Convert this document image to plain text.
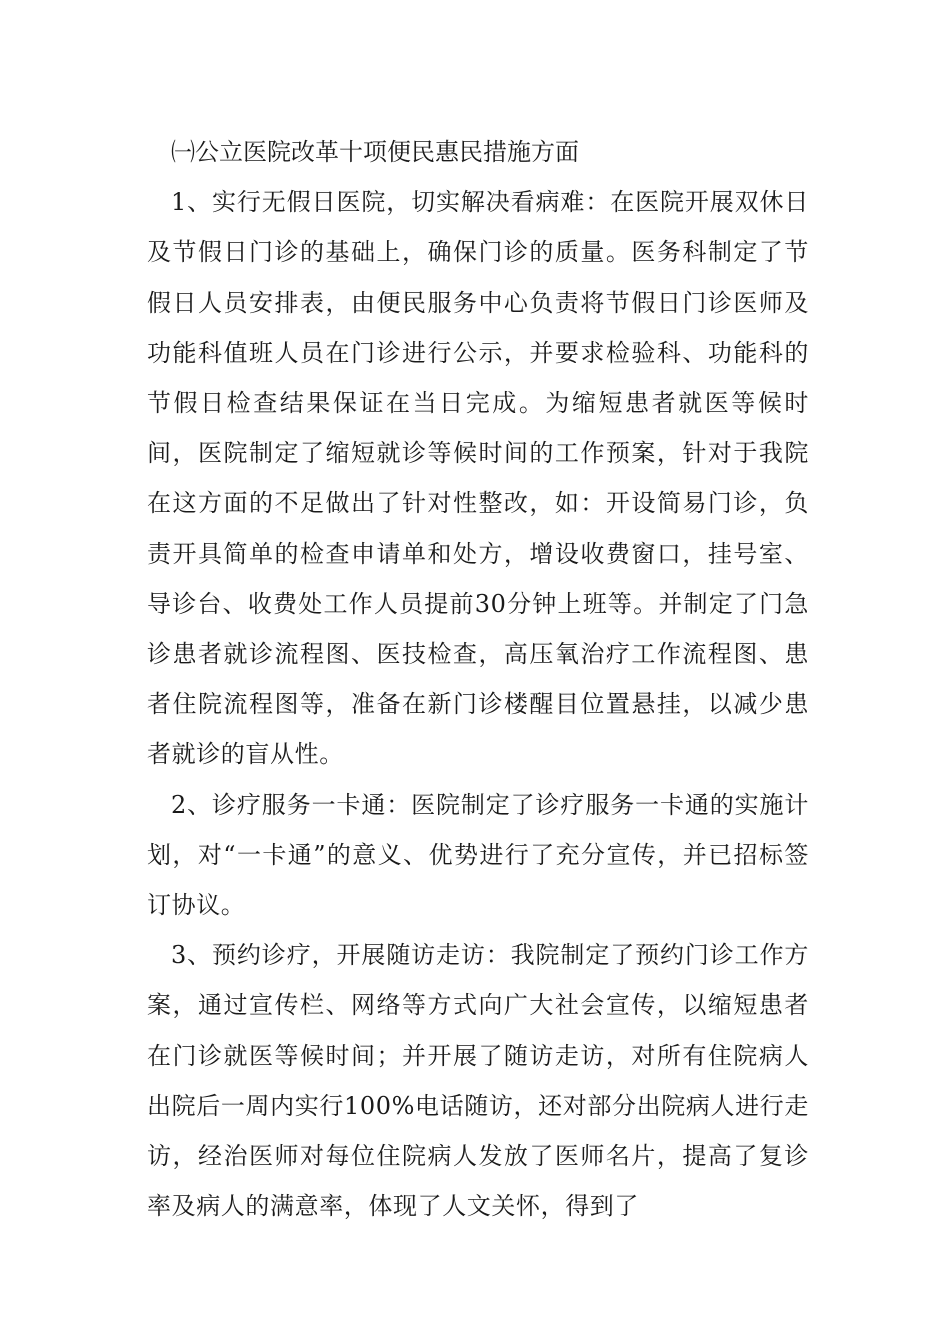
㈠公立医院改革十项便民惠民措施方面

1、实行无假日医院，切实解决看病难：在医院开展双休日及节假日门诊的基础上，确保门诊的质量。医务科制定了节假日人员安排表，由便民服务中心负责将节假日门诊医师及功能科值班人员在门诊进行公示，并要求检验科、功能科的节假日检查结果保证在当日完成。为缩短患者就医等候时间，医院制定了缩短就诊等候时间的工作预案，针对于我院在这方面的不足做出了针对性整改，如：开设简易门诊，负责开具简单的检查申请单和处方，增设收费窗口，挂号室、导诊台、收费处工作人员提前30分钟上班等。并制定了门急诊患者就诊流程图、医技检查，高压氧治疗工作流程图、患者住院流程图等，准备在新门诊楼醒目位置悬挂，以减少患者就诊的盲从性。

2、诊疗服务一卡通：医院制定了诊疗服务一卡通的实施计划，对“一卡通”的意义、优势进行了充分宣传，并已招标签订协议。

3、预约诊疗，开展随访走访：我院制定了预约门诊工作方案，通过宣传栏、网络等方式向广大社会宣传，以缩短患者在门诊就医等候时间；并开展了随访走访，对所有住院病人出院后一周内实行100%电话随访，还对部分出院病人进行走访，经治医师对每位住院病人发放了医师名片，提高了复诊率及病人的满意率，体现了人文关怀，得到了
